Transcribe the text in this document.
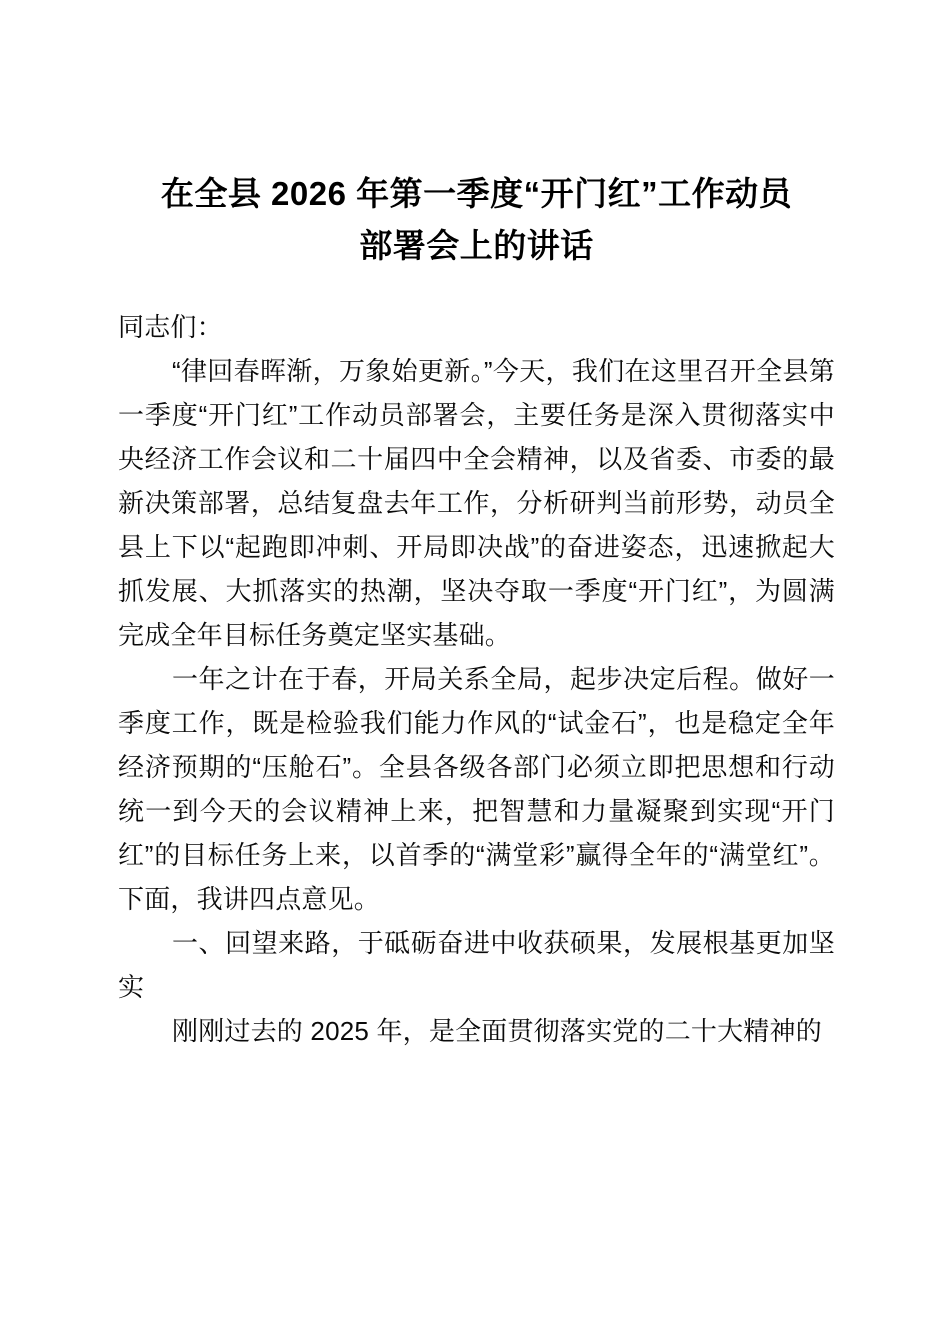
在全县 2026 年第一季度“开门红”工作动员
部署会上的讲话

同志们：

“律回春晖渐，万象始更新。”今天，我们在这里召开全县第一季度“开门红”工作动员部署会，主要任务是深入贯彻落实中央经济工作会议和二十届四中全会精神，以及省委、市委的最新决策部署，总结复盘去年工作，分析研判当前形势，动员全县上下以“起跑即冲刺、开局即决战”的奋进姿态，迅速掀起大抓发展、大抓落实的热潮，坚决夺取一季度“开门红”，为圆满完成全年目标任务奠定坚实基础。

一年之计在于春，开局关系全局，起步决定后程。做好一季度工作，既是检验我们能力作风的“试金石”，也是稳定全年经济预期的“压舱石”。全县各级各部门必须立即把思想和行动统一到今天的会议精神上来，把智慧和力量凝聚到实现“开门红”的目标任务上来，以首季的“满堂彩”赢得全年的“满堂红”。下面，我讲四点意见。

一、回望来路，于砥砺奋进中收获硕果，发展根基更加坚实

刚刚过去的 2025 年，是全面贯彻落实党的二十大精神的
